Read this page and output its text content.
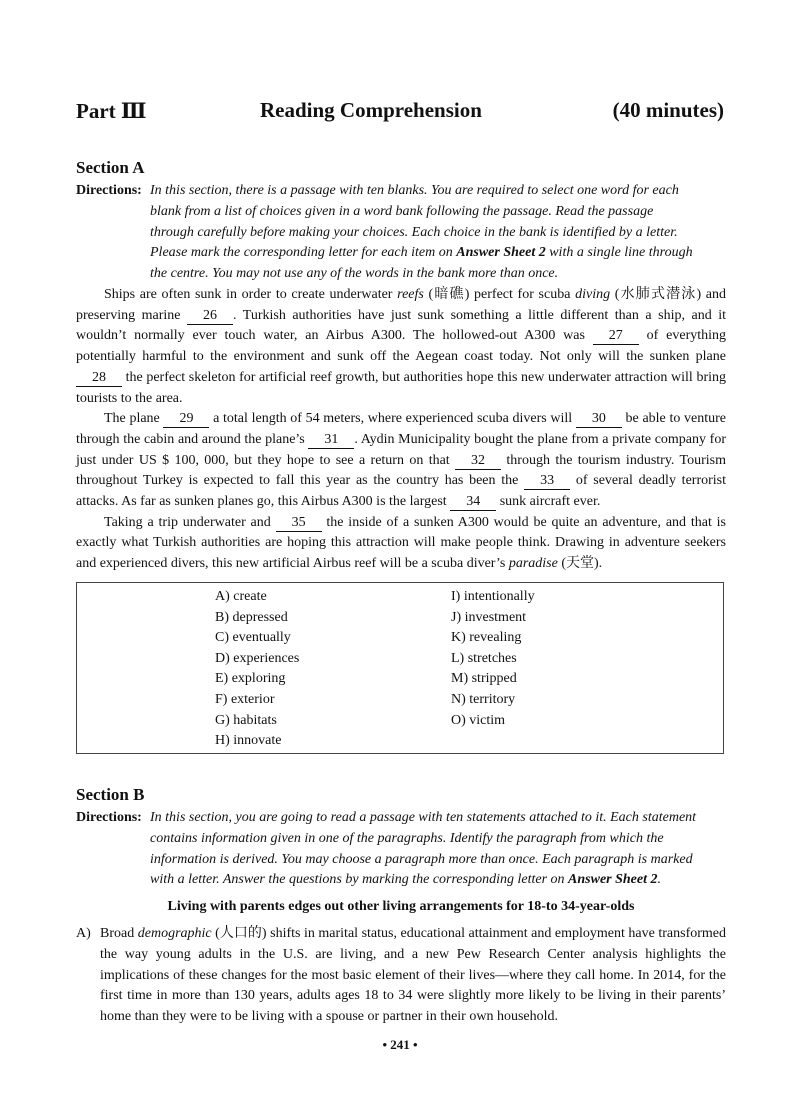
Part Ⅲ	Reading Comprehension	(40 minutes)
Section A
Directions: In this section, there is a passage with ten blanks. You are required to select one word for each
blank from a list of choices given in a word bank following the passage. Read the passage
through carefully before making your choices. Each choice in the bank is identified by a letter.
Please mark the corresponding letter for each item on Answer Sheet 2 with a single line through
the centre. You may not use any of the words in the bank more than once.

Ships are often sunk in order to create underwater reefs (暗礁) perfect for scuba diving (水肺式潜泳) and preserving marine 26 . Turkish authorities have just sunk something a little different than a ship, and it wouldn’t normally ever touch water, an Airbus A300. The hollowed-out A300 was 27 of everything potentially harmful to the environment and sunk off the Aegean coast today. Not only will the sunken plane 28 the perfect skeleton for artificial reef growth, but authorities hope this new underwater attraction will bring tourists to the area.

The plane 29 a total length of 54 meters, where experienced scuba divers will 30 be able to venture through the cabin and around the plane’s 31 . Aydin Municipality bought the plane from a private company for just under US $ 100, 000, but they hope to see a return on that 32 through the tourism industry. Tourism throughout Turkey is expected to fall this year as the country has been the 33 of several deadly terrorist attacks. As far as sunken planes go, this Airbus A300 is the largest 34 sunk aircraft ever.

Taking a trip underwater and 35 the inside of a sunken A300 would be quite an adventure, and that is exactly what Turkish authorities are hoping this attraction will make people think. Drawing in adventure seekers and experienced divers, this new artificial Airbus reef will be a scuba diver’s paradise (天堂).

A) create
B) depressed
C) eventually
D) experiences
E) exploring
F) exterior
G) habitats
H) innovate
I) intentionally
J) investment
K) revealing
L) stretches
M) stripped
N) territory
O) victim
Section B
Directions: In this section, you are going to read a passage with ten statements attached to it. Each statement
contains information given in one of the paragraphs. Identify the paragraph from which the
information is derived. You may choose a paragraph more than once. Each paragraph is marked
with a letter. Answer the questions by marking the corresponding letter on Answer Sheet 2.
Living with parents edges out other living arrangements for 18-to 34-year-olds
A) Broad demographic (人口的) shifts in marital status, educational attainment and employment have transformed the way young adults in the U.S. are living, and a new Pew Research Center analysis highlights the implications of these changes for the most basic element of their lives—where they call home. In 2014, for the first time in more than 130 years, adults ages 18 to 34 were slightly more likely to be living in their parents’ home than they were to be living with a spouse or partner in their own household.
• 241 •
